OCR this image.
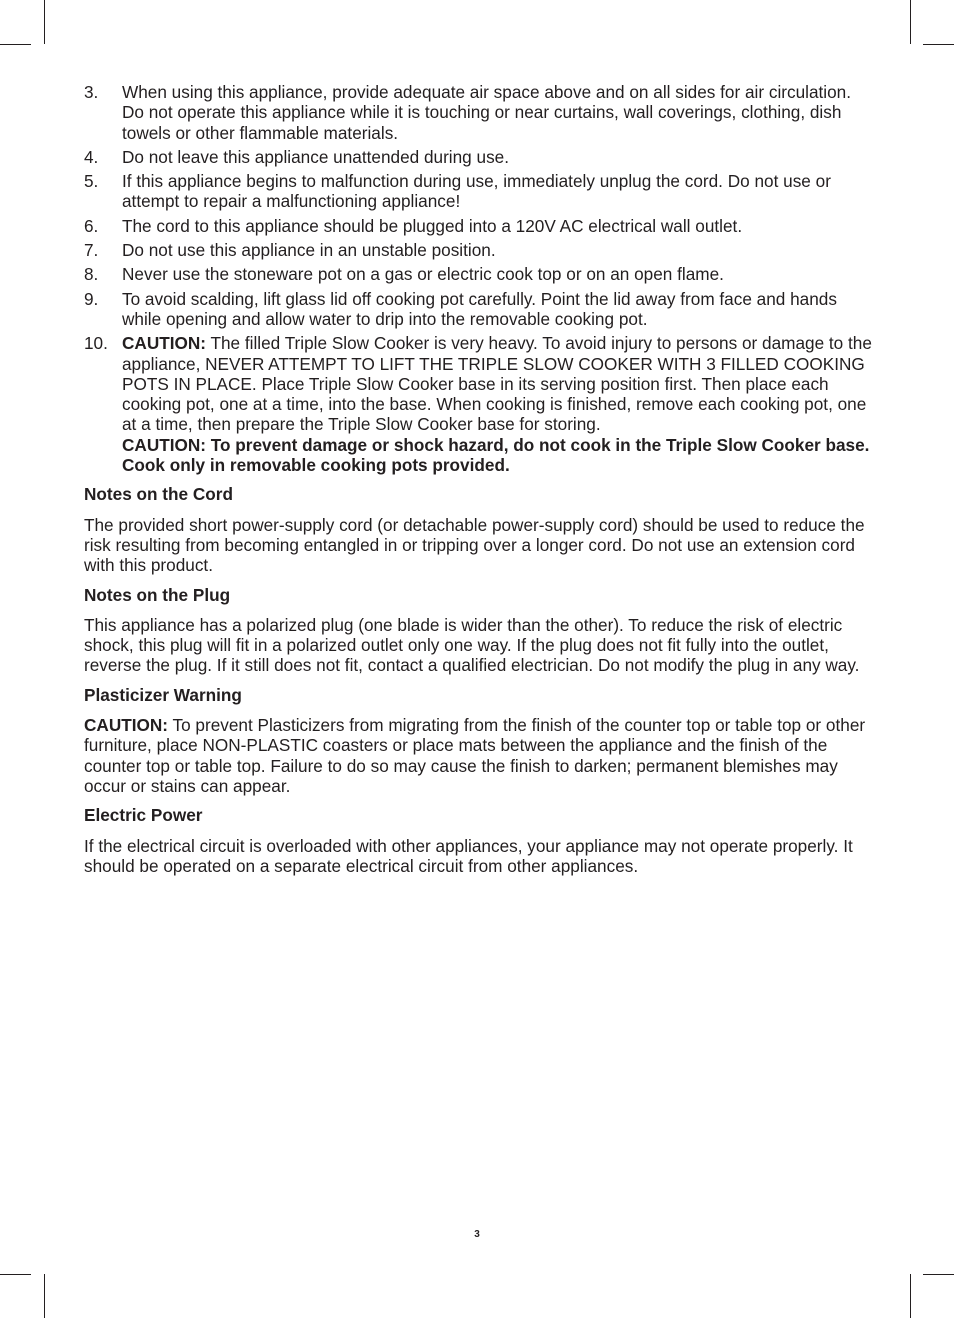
3.	When using this appliance, provide adequate air space above and on all sides for air circulation. Do not operate this appliance while it is touching or near curtains, wall coverings, clothing, dish towels or other flammable materials.
4.	Do not leave this appliance unattended during use.
5.	If this appliance begins to malfunction during use, immediately unplug the cord. Do not use or attempt to repair a malfunctioning appliance!
6.	The cord to this appliance should be plugged into a 120V AC electrical wall outlet.
7.	Do not use this appliance in an unstable position.
8.	Never use the stoneware pot on a gas or electric cook top or on an open flame.
9.	To avoid scalding, lift glass lid off cooking pot carefully. Point the lid away from face and hands while opening and allow water to drip into the removable cooking pot.
10. CAUTION: The filled Triple Slow Cooker is very heavy. To avoid injury to persons or damage to the appliance, NEVER ATTEMPT TO LIFT THE TRIPLE SLOW COOKER WITH 3 FILLED COOKING POTS IN PLACE. Place Triple Slow Cooker base in its serving position first. Then place each cooking pot, one at a time, into the base. When cooking is finished, remove each cooking pot, one at a time, then prepare the Triple Slow Cooker base for storing.
CAUTION: To prevent damage or shock hazard, do not cook in the Triple Slow Cooker base. Cook only in removable cooking pots provided.
Notes on the Cord
The provided short power-supply cord (or detachable power-supply cord) should be used to reduce the risk resulting from becoming entangled in or tripping over a longer cord. Do not use an extension cord with this product.
Notes on the Plug
This appliance has a polarized plug (one blade is wider than the other). To reduce the risk of electric shock, this plug will fit in a polarized outlet only one way. If the plug does not fit fully into the outlet, reverse the plug. If it still does not fit, contact a qualified electrician. Do not modify the plug in any way.
Plasticizer Warning
CAUTION: To prevent Plasticizers from migrating from the finish of the counter top or table top or other furniture, place NON-PLASTIC coasters or place mats between the appliance and the finish of the counter top or table top. Failure to do so may cause the finish to darken; permanent blemishes may occur or stains can appear.
Electric Power
If the electrical circuit is overloaded with other appliances, your appliance may not operate properly. It should be operated on a separate electrical circuit from other appliances.
3
